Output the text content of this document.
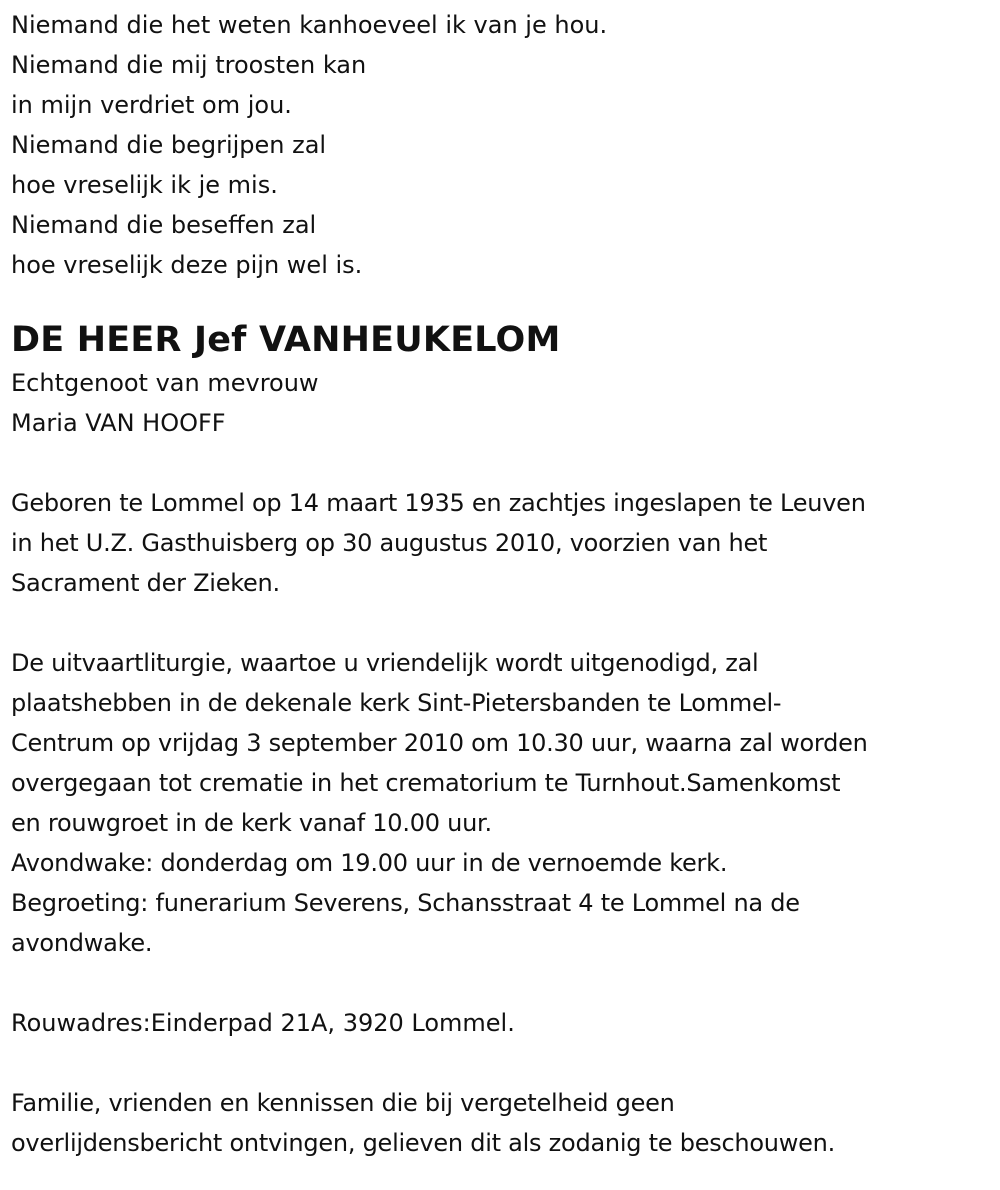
Niemand die het weten kanhoeveel ik van je hou.
Niemand die mij troosten kan
in mijn verdriet om jou.
Niemand die begrijpen zal
hoe vreselijk ik je mis.
Niemand die beseffen zal
hoe vreselijk deze pijn wel is.
DE HEER Jef VANHEUKELOM
Echtgenoot van mevrouw
Maria VAN HOOFF
Geboren te Lommel op 14 maart 1935 en zachtjes ingeslapen te Leuven
in het U.Z. Gasthuisberg op 30 augustus 2010, voorzien van het
Sacrament der Zieken.
De uitvaartliturgie, waartoe u vriendelijk wordt uitgenodigd, zal
plaatshebben in de dekenale kerk Sint-Pietersbanden te Lommel-
Centrum op vrijdag 3 september 2010 om 10.30 uur, waarna zal worden
overgegaan tot crematie in het crematorium te Turnhout.Samenkomst
en rouwgroet in de kerk vanaf 10.00 uur.
Avondwake: donderdag om 19.00 uur in de vernoemde kerk.
Begroeting: funerarium Severens, Schansstraat 4 te Lommel na de
avondwake.
Rouwadres:Einderpad 21A, 3920 Lommel.
Familie, vrienden en kennissen die bij vergetelheid geen
overlijdensbericht ontvingen, gelieven dit als zodanig te beschouwen.
